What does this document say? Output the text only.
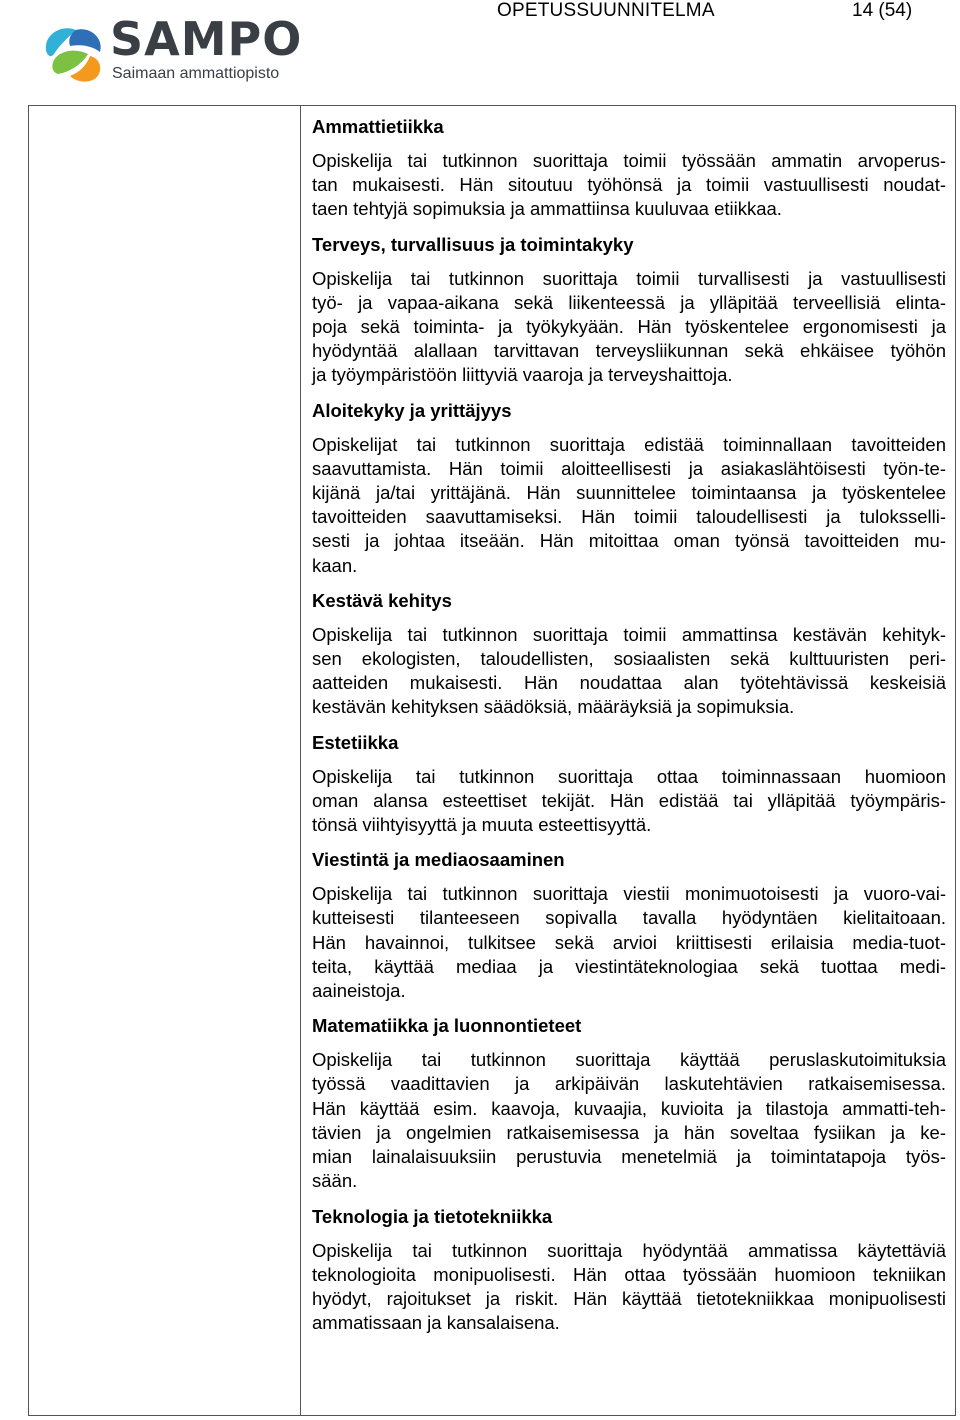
SAMPO
Saimaan ammattiopisto
OPETUSSUUNNITELMA	14 (54)
Ammattietiikka
Opiskelija tai tutkinnon suorittaja toimii työssään ammatin arvoperus-
tan mukaisesti. Hän sitoutuu työhönsä ja toimii vastuullisesti noudat-
taen tehtyjä sopimuksia ja ammattiinsa kuuluvaa etiikkaa.
Terveys, turvallisuus ja toimintakyky
Opiskelija tai tutkinnon suorittaja toimii turvallisesti ja vastuullisesti
työ- ja vapaa-aikana sekä liikenteessä ja ylläpitää terveellisiä elinta-
poja sekä toiminta- ja työkykyään. Hän työskentelee ergonomisesti ja
hyödyntää alallaan tarvittavan terveysliikunnan sekä ehkäisee työhön
ja työympäristöön liittyviä vaaroja ja terveyshaittoja.
Aloitekyky ja yrittäjyys
Opiskelijat tai tutkinnon suorittaja edistää toiminnallaan tavoitteiden
saavuttamista. Hän toimii aloitteellisesti ja asiakaslähtöisesti työn-te-
kijänä ja/tai yrittäjänä. Hän suunnittelee toimintaansa ja työskentelee
tavoitteiden saavuttamiseksi. Hän toimii taloudellisesti ja tuloksselli-
sesti ja johtaa itseään. Hän mitoittaa oman työnsä tavoitteiden mu-
kaan.
Kestävä kehitys
Opiskelija tai tutkinnon suorittaja toimii ammattinsa kestävän kehityk-
sen ekologisten, taloudellisten, sosiaalisten sekä kulttuuristen peri-
aatteiden mukaisesti. Hän noudattaa alan työtehtävissä keskeisiä
kestävän kehityksen säädöksiä, määräyksiä ja sopimuksia.
Estetiikka
Opiskelija tai tutkinnon suorittaja ottaa toiminnassaan huomioon
oman alansa esteettiset tekijät. Hän edistää tai ylläpitää työympäris-
tönsä viihtyisyyttä ja muuta esteettisyyttä.
Viestintä ja mediaosaaminen
Opiskelija tai tutkinnon suorittaja viestii monimuotoisesti ja vuoro-vai-
kutteisesti tilanteeseen sopivalla tavalla hyödyntäen kielitaitoaan.
Hän havainnoi, tulkitsee sekä arvioi kriittisesti erilaisia media-tuot-
teita, käyttää mediaa ja viestintäteknologiaa sekä tuottaa medi-
aaineistoja.
Matematiikka ja luonnontieteet
Opiskelija tai tutkinnon suorittaja käyttää peruslaskutoimituksia
työssä vaadittavien ja arkipäivän laskutehtävien ratkaisemisessa.
Hän käyttää esim. kaavoja, kuvaajia, kuvioita ja tilastoja ammatti-teh-
tävien ja ongelmien ratkaisemisessa ja hän soveltaa fysiikan ja ke-
mian lainalaisuuksiin perustuvia menetelmiä ja toimintatapoja työs-
sään.
Teknologia ja tietotekniikka
Opiskelija tai tutkinnon suorittaja hyödyntää ammatissa käytettäviä
teknologioita monipuolisesti. Hän ottaa työssään huomioon tekniikan
hyödyt, rajoitukset ja riskit. Hän käyttää tietotekniikkaa monipuolisesti
ammatissaan ja kansalaisena.
